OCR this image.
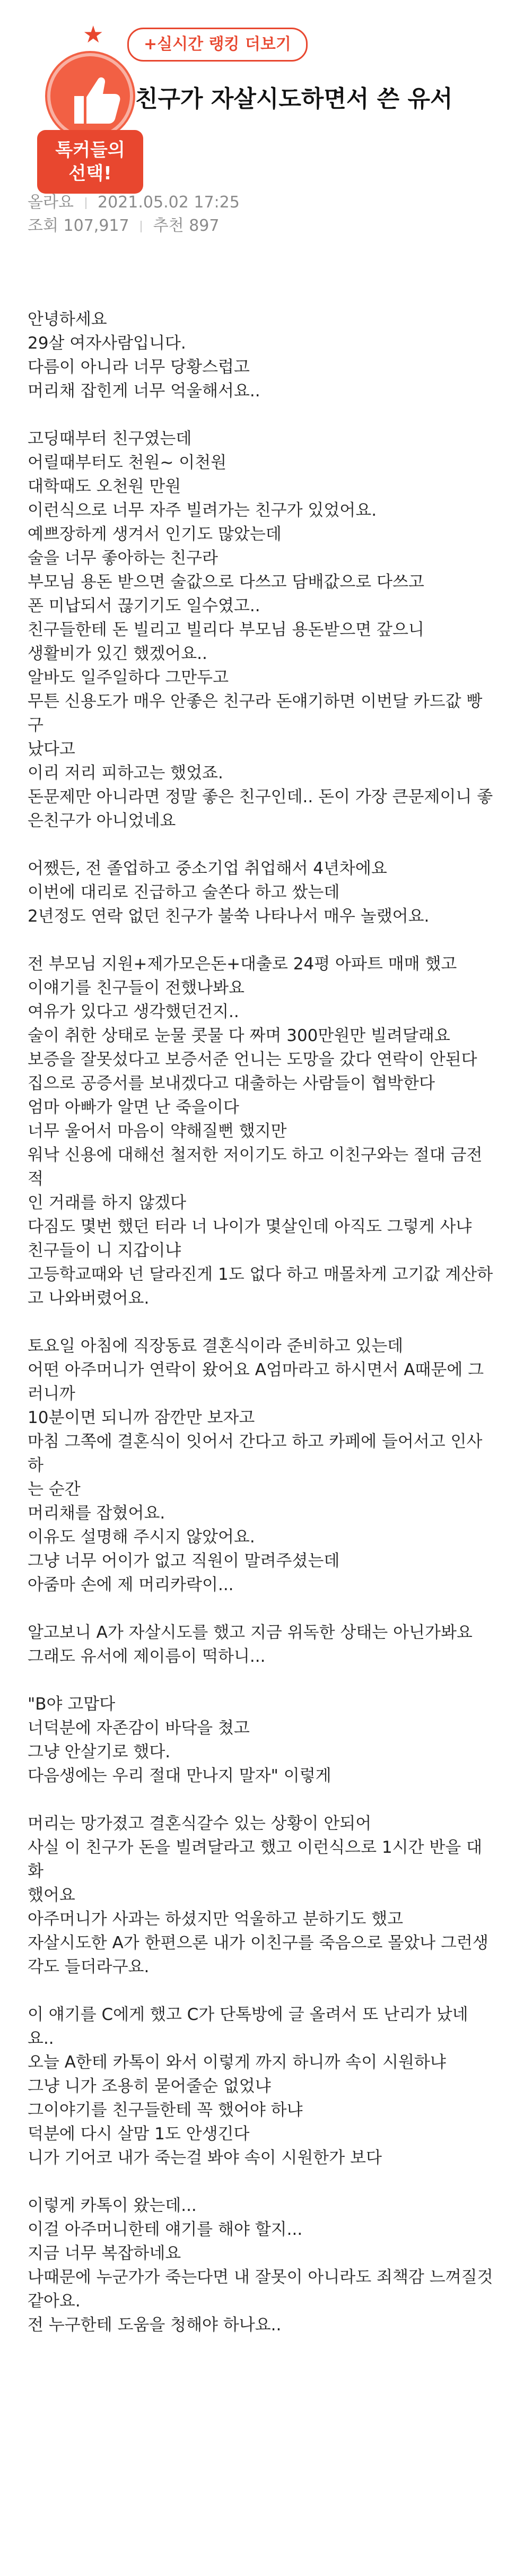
★
톡커들의
선택!
+실시간 랭킹 더보기
친구가 자살시도하면서 쓴 유서
올라요 2021.05.02 17:25
조회 107,917 추천 897

안녕하세요

29살 여자사람입니다.

다름이 아니라 너무 당황스럽고

머리채 잡힌게 너무 억울해서요..

고딩때부터 친구였는데

어릴때부터도 천원~ 이천원

대학때도 오천원 만원

이런식으로 너무 자주 빌려가는 친구가 있었어요.

예쁘장하게 생겨서 인기도 많았는데

술을 너무 좋아하는 친구라

부모님 용돈 받으면 술값으로 다쓰고 담배값으로 다쓰고

폰 미납되서 끊기기도 일수였고..

친구들한테 돈 빌리고 빌리다 부모님 용돈받으면 갚으니

생활비가 있긴 했겠어요..

알바도 일주일하다 그만두고

무튼 신용도가 매우 안좋은 친구라 돈얘기하면 이번달 카드값 빵구

났다고

이리 저리 피하고는 했었죠.

돈문제만 아니라면 정말 좋은 친구인데.. 돈이 가장 큰문제이니 좋

은친구가 아니었네요

어쨌든, 전 졸업하고 중소기업 취업해서 4년차에요

이번에 대리로 진급하고 술쏜다 하고 쌌는데

2년정도 연락 없던 친구가 불쑥 나타나서 매우 놀랬어요.

전 부모님 지원+제가모은돈+대출로 24평 아파트 매매 했고

이얘기를 친구들이 전했나봐요

여유가 있다고 생각했던건지..

술이 취한 상태로 눈물 콧물 다 짜며 300만원만 빌려달래요

보증을 잘못섰다고 보증서준 언니는 도망을 갔다 연락이 안된다

집으로 공증서를 보내겠다고 대출하는 사람들이 협박한다

엄마 아빠가 알면 난 죽을이다

너무 울어서 마음이 약해질뻔 했지만

워낙 신용에 대해선 철저한 저이기도 하고 이친구와는 절대 금전적

인 거래를 하지 않겠다

다짐도 몇번 했던 터라 너 나이가 몇살인데 아직도 그렇게 사냐

친구들이 니 지갑이냐

고등학교때와 넌 달라진게 1도 없다 하고 매몰차게 고기값 계산하

고 나와버렸어요.

토요일 아침에 직장동료 결혼식이라 준비하고 있는데

어떤 아주머니가 연락이 왔어요 A엄마라고 하시면서 A때문에 그

러니까

10분이면 되니까 잠깐만 보자고

마침 그쪽에 결혼식이 잇어서 간다고 하고 카페에 들어서고 인사하

는 순간

머리채를 잡혔어요.

이유도 설명해 주시지 않았어요.

그냥 너무 어이가 없고 직원이 말려주셨는데

아줌마 손에 제 머리카락이...

알고보니 A가 자살시도를 했고 지금 위독한 상태는 아닌가봐요

그래도 유서에 제이름이 떡하니...

"B야 고맙다

너덕분에 자존감이 바닥을 쳤고

그냥 안살기로 했다.

다음생에는 우리 절대 만나지 말자" 이렇게

머리는 망가졌고 결혼식갈수 있는 상황이 안되어

사실 이 친구가 돈을 빌려달라고 했고 이런식으로 1시간 반을 대화

했어요

아주머니가 사과는 하셨지만 억울하고 분하기도 했고

자살시도한 A가 한편으론 내가 이친구를 죽음으로 몰았나 그런생

각도 들더라구요.

이 얘기를 C에게 했고 C가 단톡방에 글 올려서 또 난리가 났네요..

오늘 A한테 카톡이 와서 이렇게 까지 하니까 속이 시원하냐

그냥 니가 조용히 묻어줄순 없었냐

그이야기를 친구들한테 꼭 했어야 하냐

덕분에 다시 살맘 1도 안생긴다

니가 기어코 내가 죽는걸 봐야 속이 시원한가 보다

이렇게 카톡이 왔는데...

이걸 아주머니한테 얘기를 해야 할지...

지금 너무 복잡하네요

나때문에 누군가가 죽는다면 내 잘못이 아니라도 죄책감 느껴질것

같아요.

전 누구한테 도움을 청해야 하나요..
